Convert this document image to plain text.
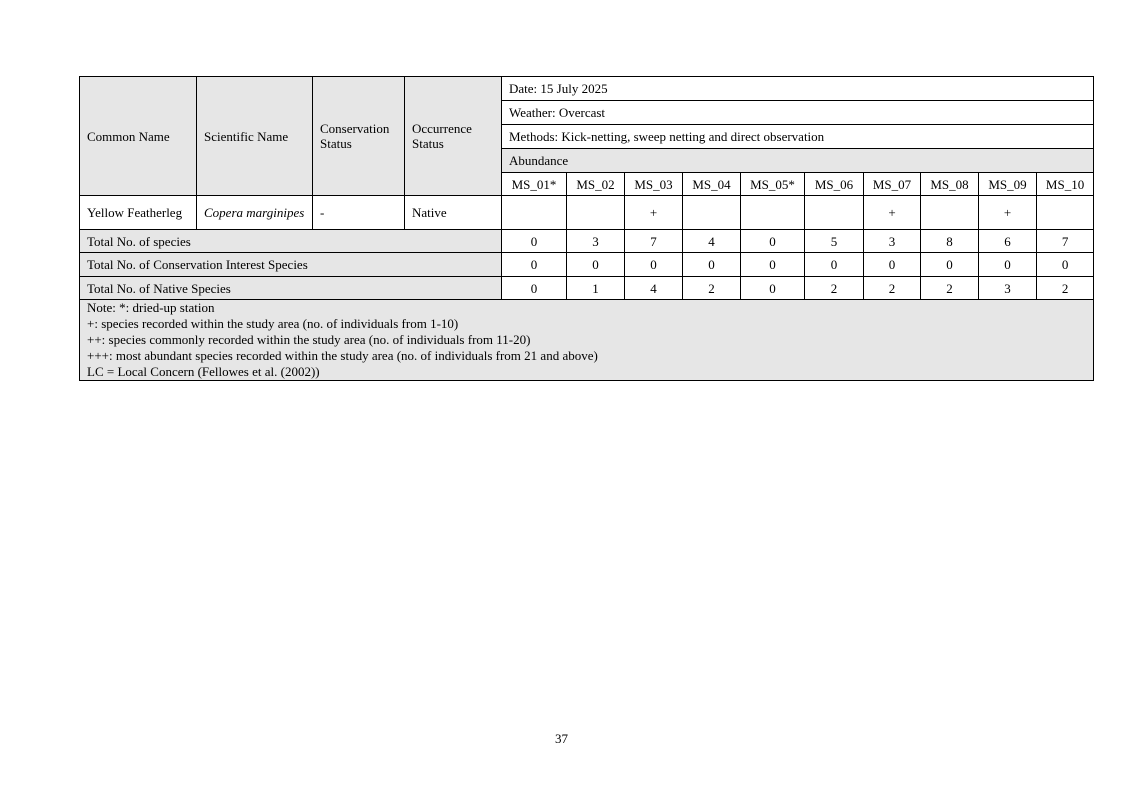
Common Name	Scientific Name	Conservation Status	Occurrence Status	Date: 15 July 2025									
				Weather: Overcast									
				Methods: Kick-netting, sweep netting and direct observation									
				Abundance									
				MS_01*	MS_02	MS_03	MS_04	MS_05*	MS_06	MS_07	MS_08	MS_09	MS_10
Yellow Featherleg	Copera marginipes	-	Native			+				+		+	
Total No. of species				0	3	7	4	0	5	3	8	6	7
Total No. of Conservation Interest Species				0	0	0	0	0	0	0	0	0	0
Total No. of Native Species				0	1	4	2	0	2	2	2	3	2

Note: *: dried-up station
+: species recorded within the study area (no. of individuals from 1-10)
++: species commonly recorded within the study area (no. of individuals from 11-20)
+++: most abundant species recorded within the study area (no. of individuals from 21 and above)
LC = Local Concern (Fellowes et al. (2002))													
37
